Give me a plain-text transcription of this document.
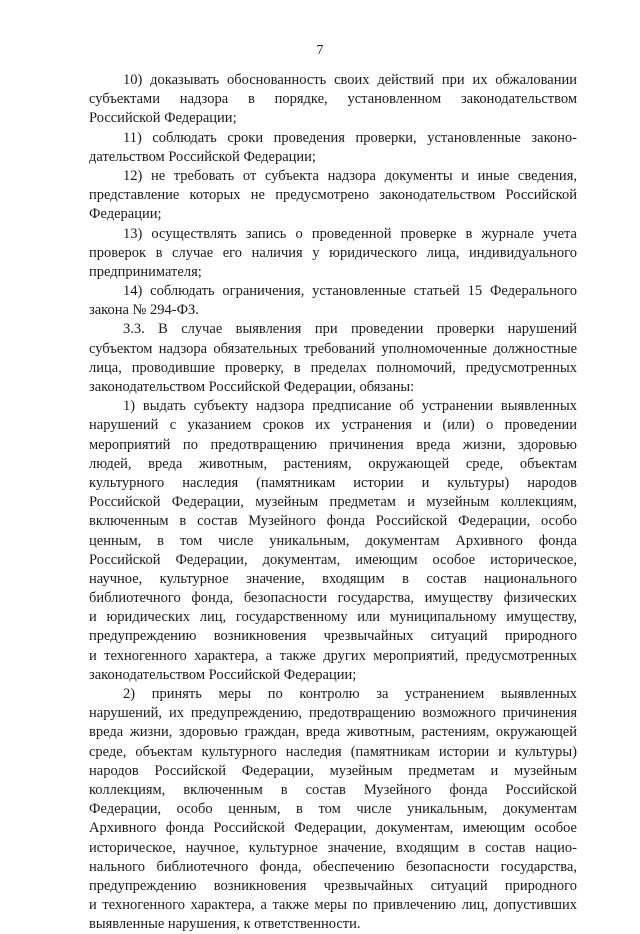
7
10) доказывать обоснованность своих действий при их обжаловании
субъектами надзора в порядке, установленном законодательством
Российской Федерации;
11) соблюдать сроки проведения проверки, установленные законо-
дательством Российской Федерации;
12) не требовать от субъекта надзора документы и иные сведения,
представление которых не предусмотрено законодательством Российской
Федерации;
13) осуществлять запись о проведенной проверке в журнале учета
проверок в случае его наличия у юридического лица, индивидуального
предпринимателя;
14) соблюдать ограничения, установленные статьей 15 Федерального
закона № 294-ФЗ.
3.3. В случае выявления при проведении проверки нарушений
субъектом надзора обязательных требований уполномоченные должностные
лица, проводившие проверку, в пределах полномочий, предусмотренных
законодательством Российской Федерации, обязаны:
1) выдать субъекту надзора предписание об устранении выявленных
нарушений с указанием сроков их устранения и (или) о проведении
мероприятий по предотвращению причинения вреда жизни, здоровью
людей, вреда животным, растениям, окружающей среде, объектам
культурного наследия (памятникам истории и культуры) народов
Российской Федерации, музейным предметам и музейным коллекциям,
включенным в состав Музейного фонда Российской Федерации, особо
ценным, в том числе уникальным, документам Архивного фонда
Российской Федерации, документам, имеющим особое историческое,
научное, культурное значение, входящим в состав национального
библиотечного фонда, безопасности государства, имуществу физических
и юридических лиц, государственному или муниципальному имуществу,
предупреждению возникновения чрезвычайных ситуаций природного
и техногенного характера, а также других мероприятий, предусмотренных
законодательством Российской Федерации;
2) принять меры по контролю за устранением выявленных
нарушений, их предупреждению, предотвращению возможного причинения
вреда жизни, здоровью граждан, вреда животным, растениям, окружающей
среде, объектам культурного наследия (памятникам истории и культуры)
народов Российской Федерации, музейным предметам и музейным
коллекциям, включенным в состав Музейного фонда Российской
Федерации, особо ценным, в том числе уникальным, документам
Архивного фонда Российской Федерации, документам, имеющим особое
историческое, научное, культурное значение, входящим в состав нацио-
нального библиотечного фонда, обеспечению безопасности государства,
предупреждению возникновения чрезвычайных ситуаций природного
и техногенного характера, а также меры по привлечению лиц, допустивших
выявленные нарушения, к ответственности.
